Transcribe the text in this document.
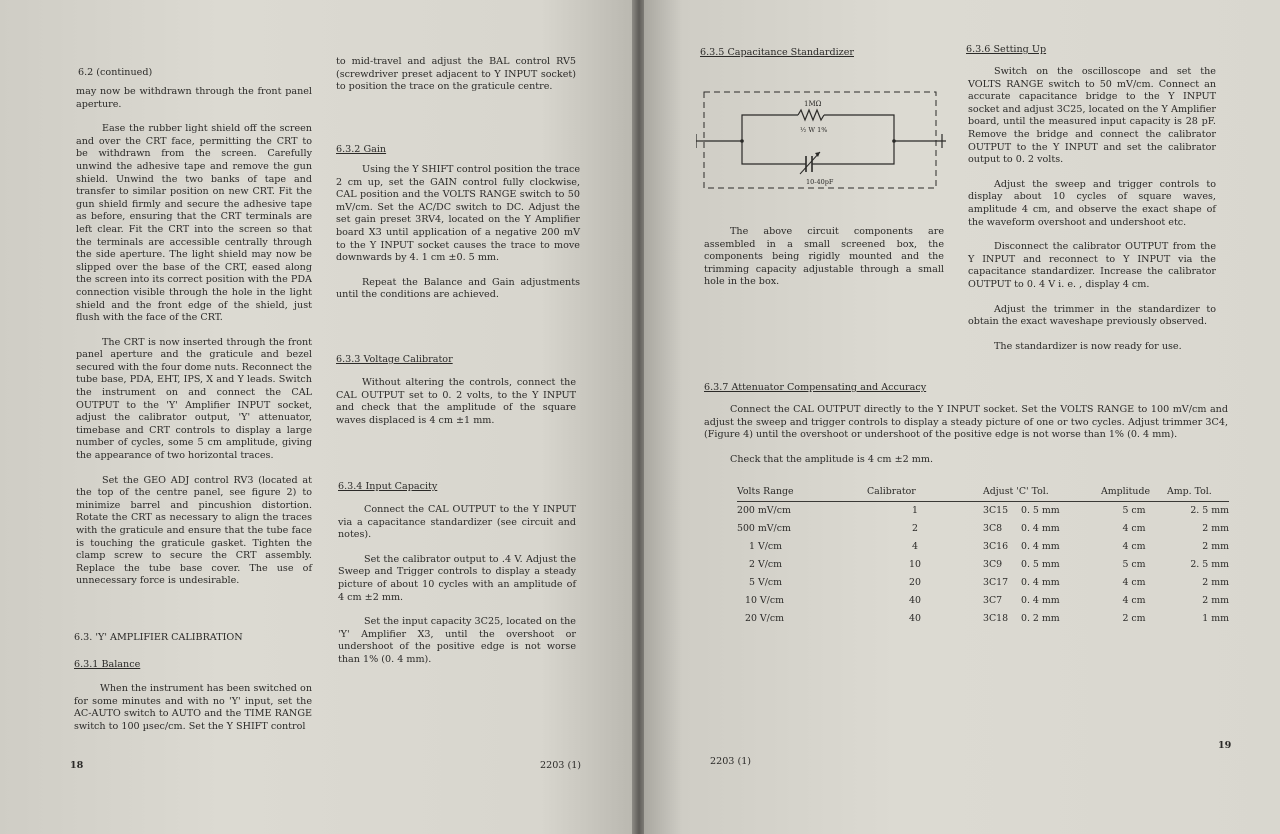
6.2 (continued)

may now be withdrawn through the front panel aperture.

Ease the rubber light shield off the screen and over the CRT face, permitting the CRT to be withdrawn from the screen. Carefully unwind the adhesive tape and remove the gun shield. Unwind the two banks of tape and transfer to similar position on new CRT. Fit the gun shield firmly and secure the adhesive tape as before, ensuring that the CRT terminals are left clear. Fit the CRT into the screen so that the terminals are accessible centrally through the side aperture. The light shield may now be slipped over the base of the CRT, eased along the screen into its correct position with the PDA connection visible through the hole in the light shield and the front edge of the shield, just flush with the face of the CRT.

The CRT is now inserted through the front panel aperture and the graticule and bezel secured with the four dome nuts. Reconnect the tube base, PDA, EHT, IPS, X and Y leads. Switch the instrument on and connect the CAL OUTPUT to the 'Y' Amplifier INPUT socket, adjust the calibrator output, 'Y' attenuator, timebase and CRT controls to display a large number of cycles, some 5 cm amplitude, giving the appearance of two horizontal traces.

Set the GEO ADJ control RV3 (located at the top of the centre panel, see figure 2) to minimize barrel and pincushion distortion. Rotate the CRT as necessary to align the traces with the graticule and ensure that the tube face is touching the graticule gasket. Tighten the clamp screw to secure the CRT assembly. Replace the tube base cover. The use of unnecessary force is undesirable.

6.3. 'Y' AMPLIFIER CALIBRATION
6.3.1 Balance

When the instrument has been switched on for some minutes and with no 'Y' input, set the AC-AUTO switch to AUTO and the TIME RANGE switch to 100 µsec/cm. Set the Y SHIFT control

to mid-travel and adjust the BAL control RV5 (screwdriver preset adjacent to Y INPUT socket) to position the trace on the graticule centre.

6.3.2 Gain

Using the Y SHIFT control position the trace 2 cm up, set the GAIN control fully clockwise, CAL position and the VOLTS RANGE switch to 50 mV/cm. Set the AC/DC switch to DC. Adjust the set gain preset 3RV4, located on the Y Amplifier board X3 until application of a negative 200 mV to the Y INPUT socket causes the trace to move downwards by 4. 1 cm ±0. 5 mm.

Repeat the Balance and Gain adjustments until the conditions are achieved.

6.3.3 Voltage Calibrator

Without altering the controls, connect the CAL OUTPUT set to 0. 2 volts, to the Y INPUT and check that the amplitude of the square waves displaced is 4 cm ±1 mm.

6.3.4 Input Capacity

Connect the CAL OUTPUT to the Y INPUT via a capacitance standardizer (see circuit and notes).

Set the calibrator output to .4 V. Adjust the Sweep and Trigger controls to display a steady picture of about 10 cycles with an amplitude of 4 cm ±2 mm.

Set the input capacity 3C25, located on the 'Y' Amplifier X3, until the overshoot or undershoot of the positive edge is not worse than 1% (0. 4 mm).

18	2203 (1)
6.3.5 Capacitance Standardizer

The above circuit components are assembled in a small screened box, the components being rigidly mounted and the trimming capacity adjustable through a small hole in the box.

6.3.6 Setting Up

Switch on the oscilloscope and set the VOLTS RANGE switch to 50 mV/cm. Connect an accurate capacitance bridge to the Y INPUT socket and adjust 3C25, located on the Y Amplifier board, until the measured input capacity is 28 pF. Remove the bridge and connect the calibrator OUTPUT to the Y INPUT and set the calibrator output to 0. 2 volts.

Adjust the sweep and trigger controls to display about 10 cycles of square waves, amplitude 4 cm, and observe the exact shape of the waveform overshoot and undershoot etc.

Disconnect the calibrator OUTPUT from the Y INPUT and reconnect to Y INPUT via the capacitance standardizer. Increase the calibrator OUTPUT to 0. 4 V i. e. , display 4 cm.

Adjust the trimmer in the standardizer to obtain the exact waveshape previously observed.

The standardizer is now ready for use.

6.3.7 Attenuator Compensating and Accuracy

Connect the CAL OUTPUT directly to the Y INPUT socket. Set the VOLTS RANGE to 100 mV/cm and adjust the sweep and trigger controls to display a steady picture of one or two cycles. Adjust trimmer 3C4, (Figure 4) until the overshoot or undershoot of the positive edge is not worse than 1% (0. 4 mm).

Check that the amplitude is 4 cm ±2 mm.

Volts Range	Calibrator	Adjust 'C' Tol.		Amplitude	Amp. Tol.
200 mV/cm	1	3C15	0. 5 mm	5 cm	2. 5 mm
500 mV/cm	2	3C8	0. 4 mm	4 cm	2 mm
1 V/cm	4	3C16	0. 4 mm	4 cm	2 mm
2 V/cm	10	3C9	0. 5 mm	5 cm	2. 5 mm
5 V/cm	20	3C17	0. 4 mm	4 cm	2 mm
10 V/cm	40	3C7	0. 4 mm	4 cm	2 mm
20 V/cm	40	3C18	0. 2 mm	2 cm	1 mm
19
2203 (1)
1MΩ
½ W 1%
10-40pF
